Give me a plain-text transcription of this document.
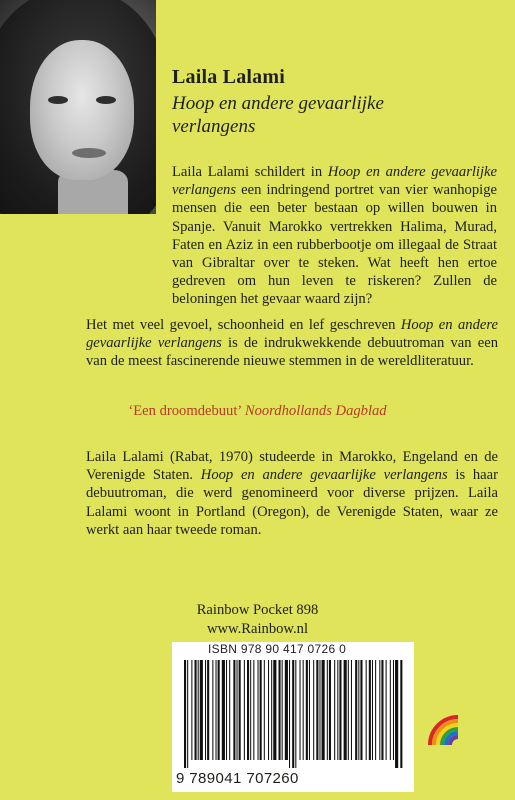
Laila Lalami
Hoop en andere gevaarlijke
verlangens

Laila Lalami schildert in Hoop en andere gevaarlijke verlangens een indringend portret van vier wanhopige mensen die een beter bestaan op willen bouwen in Spanje. Vanuit Marokko vertrekken Halima, Murad, Faten en Aziz in een rubberbootje om illegaal de Straat van Gibraltar over te steken. Wat heeft hen ertoe gedreven om hun leven te riskeren? Zullen de beloningen het gevaar waard zijn?

Het met veel gevoel, schoonheid en lef geschreven Hoop en andere gevaarlijke verlangens is de indrukwekkende debuutroman van een van de meest fascinerende nieuwe stemmen in de wereldliteratuur.

‘Een droomdebuut’ Noordhollands Dagblad

Laila Lalami (Rabat, 1970) studeerde in Marokko, Engeland en de Verenigde Staten. Hoop en andere gevaarlijke verlangens is haar debuutroman, die werd genomineerd voor diverse prijzen. Laila Lalami woont in Portland (Oregon), de Verenigde Staten, waar ze werkt aan haar tweede roman.

Rainbow Pocket 898
www.Rainbow.nl
ISBN 978 90 417 0726 0
9 789041 707260
